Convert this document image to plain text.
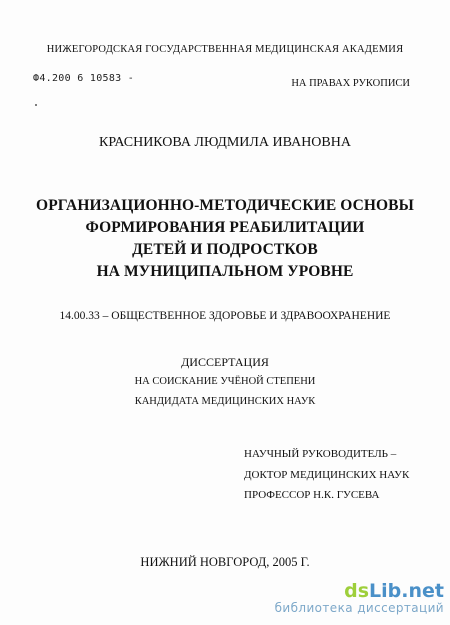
НИЖЕГОРОДСКАЯ ГОСУДАРСТВЕННАЯ МЕДИЦИНСКАЯ АКАДЕМИЯ
Ф4.200 6 10583 -	НА ПРАВАХ РУКОПИСИ
КРАСНИКОВА ЛЮДМИЛА ИВАНОВНА
ОРГАНИЗАЦИОННО-МЕТОДИЧЕСКИЕ ОСНОВЫ
ФОРМИРОВАНИЯ РЕАБИЛИТАЦИИ
ДЕТЕЙ И ПОДРОСТКОВ
НА МУНИЦИПАЛЬНОМ УРОВНЕ
14.00.33 – ОБЩЕСТВЕННОЕ ЗДОРОВЬЕ И ЗДРАВООХРАНЕНИЕ
ДИССЕРТАЦИЯ
НА СОИСКАНИЕ УЧЁНОЙ СТЕПЕНИ
КАНДИДАТА МЕДИЦИНСКИХ НАУК
НАУЧНЫЙ РУКОВОДИТЕЛЬ –
ДОКТОР МЕДИЦИНСКИХ НАУК
ПРОФЕССОР Н.К. ГУСЕВА
НИЖНИЙ НОВГОРОД, 2005 Г.
dsLib.net
библиотека диссертаций
